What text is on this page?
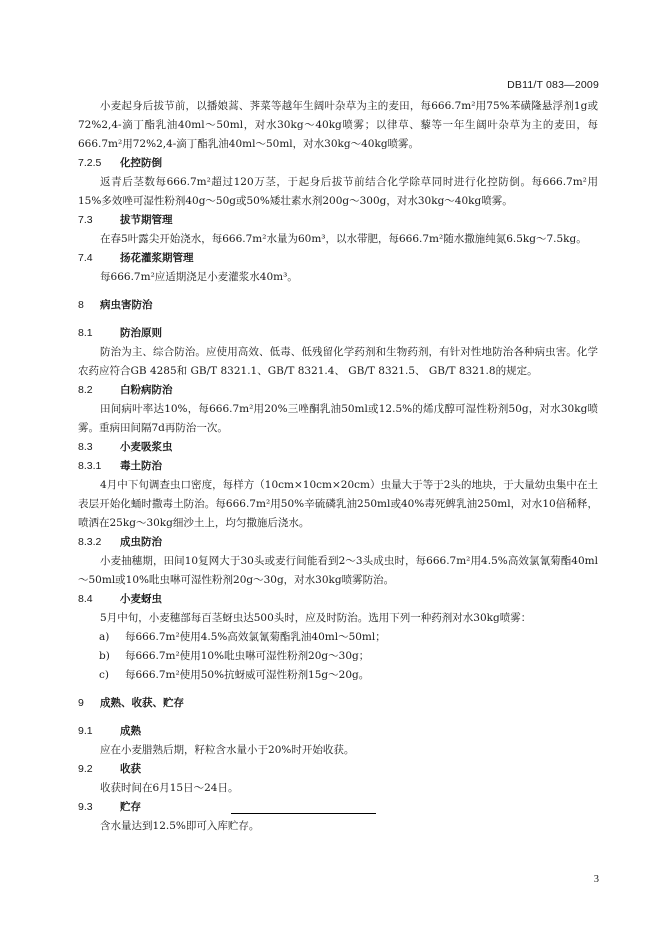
DB11/T 083—2009

小麦起身后拔节前，以播娘蒿、荠菜等越年生阔叶杂草为主的麦田，每666.7m²用75%苯磺隆悬浮剂1g或72%2,4-滴丁酯乳油40ml～50ml，对水30kg～40kg喷雾；以律草、藜等一年生阔叶杂草为主的麦田，每666.7m²用72%2,4-滴丁酯乳油40ml～50ml，对水30kg～40kg喷雾。

7.2.5	化控防倒

返青后茎数每666.7m²超过120万茎，于起身后拔节前结合化学除草同时进行化控防倒。每666.7m²用15%多效唑可湿性粉剂40g～50g或50%矮壮素水剂200g～300g，对水30kg～40kg喷雾。

7.3	拔节期管理

在春5叶露尖开始浇水，每666.7m²水量为60m³，以水带肥，每666.7m²随水撒施纯氮6.5kg～7.5kg。

7.4	扬花灌浆期管理

每666.7m²应适期浇足小麦灌浆水40m³。

8	病虫害防治
8.1	防治原则

防治为主、综合防治。应使用高效、低毒、低残留化学药剂和生物药剂，有针对性地防治各种病虫害。化学农药应符合GB 4285和 GB/T 8321.1、GB/T 8321.4、 GB/T 8321.5、 GB/T 8321.8的规定。

8.2	白粉病防治

田间病叶率达10%，每666.7m²用20%三唑酮乳油50ml或12.5%的烯戊醇可湿性粉剂50g，对水30kg喷雾。重病田间隔7d再防治一次。

8.3	小麦吸浆虫
8.3.1	毒土防治

4月中下旬调查虫口密度，每样方（10cm×10cm×20cm）虫量大于等于2头的地块，于大量幼虫集中在土表层开始化蛹时撒毒土防治。每666.7m²用50%辛硫磷乳油250ml或40%毒死蜱乳油250ml，对水10倍稀释，喷洒在25kg～30kg细沙土上，均匀撒施后浇水。

8.3.2	成虫防治

小麦抽穗期，田间10复网大于30头或麦行间能看到2～3头成虫时，每666.7m²用4.5%高效氯氰菊酯40ml～50ml或10%吡虫啉可湿性粉剂20g～30g，对水30kg喷雾防治。

8.4	小麦蚜虫

5月中旬，小麦穗部每百茎蚜虫达500头时，应及时防治。选用下列一种药剂对水30kg喷雾：

a)	每666.7m²使用4.5%高效氯氰菊酯乳油40ml～50ml；
b)	每666.7m²使用10%吡虫啉可湿性粉剂20g～30g；
c)	每666.7m²使用50%抗蚜威可湿性粉剂15g～20g。
9	成熟、收获、贮存
9.1	成熟

应在小麦腊熟后期，籽粒含水量小于20%时开始收获。

9.2	收获

收获时间在6月15日～24日。

9.3	贮存

含水量达到12.5%即可入库贮存。

3
